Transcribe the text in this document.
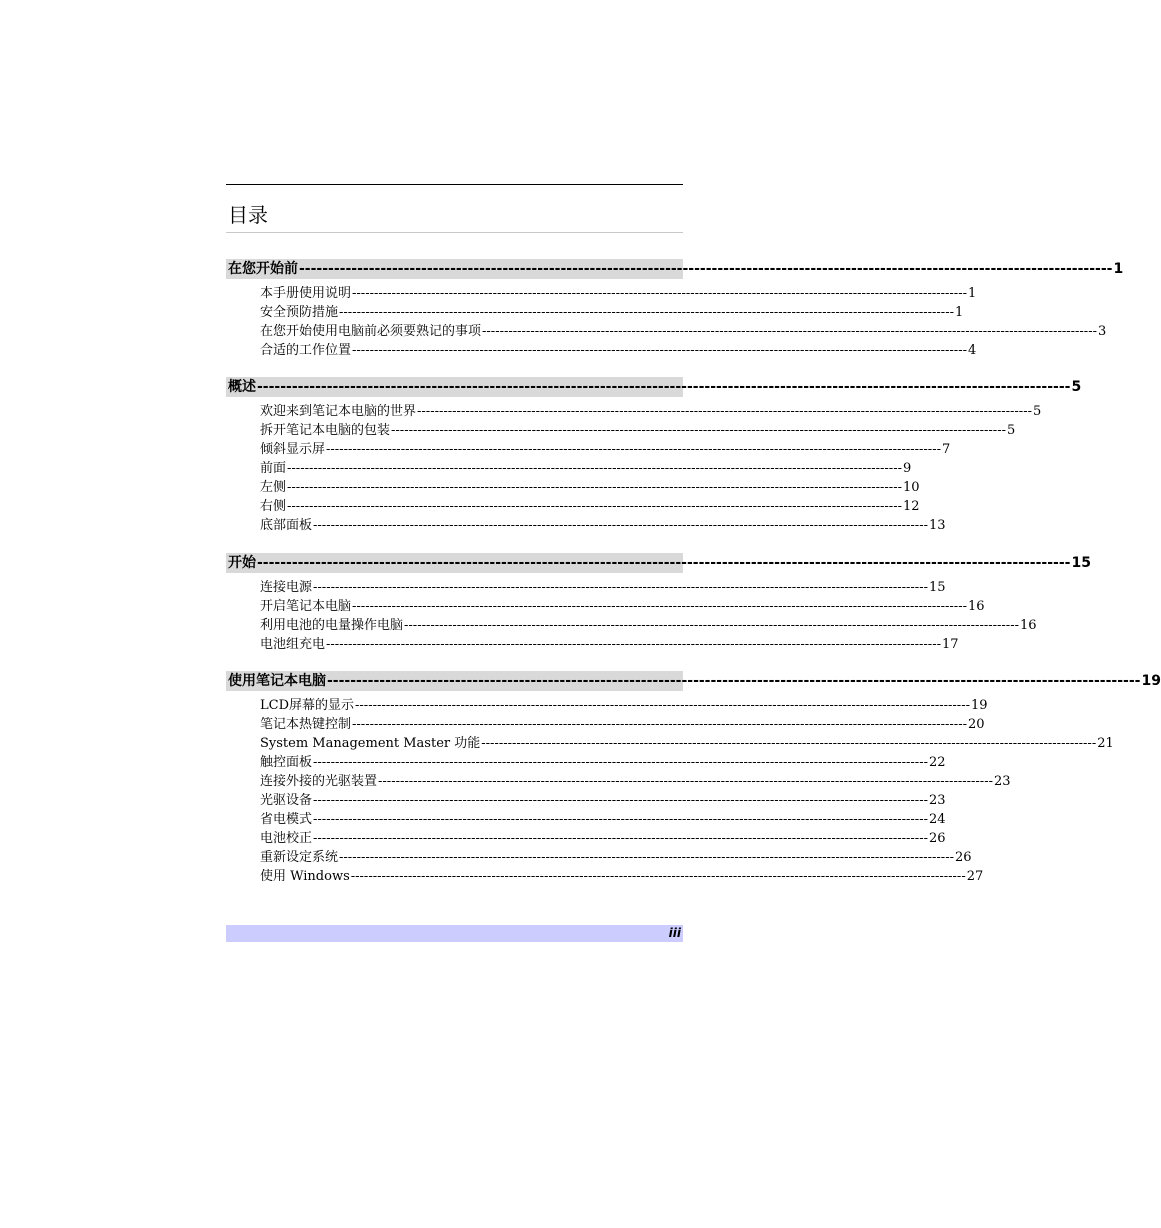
目录
在您开始前 -------------------------------------------------------------------------------------------------------------------------------------------- 1
本手册使用说明 -------------------------------------------------------------------------------------------------------------------------------------------- 1
安全预防措施 -------------------------------------------------------------------------------------------------------------------------------------------- 1
在您开始使用电脑前必须要熟记的事项 -------------------------------------------------------------------------------------------------------------------------------------------- 3
合适的工作位置 -------------------------------------------------------------------------------------------------------------------------------------------- 4
概述 -------------------------------------------------------------------------------------------------------------------------------------------- 5
欢迎来到笔记本电脑的世界 -------------------------------------------------------------------------------------------------------------------------------------------- 5
拆开笔记本电脑的包装 -------------------------------------------------------------------------------------------------------------------------------------------- 5
倾斜显示屏 -------------------------------------------------------------------------------------------------------------------------------------------- 7
前面 -------------------------------------------------------------------------------------------------------------------------------------------- 9
左侧 -------------------------------------------------------------------------------------------------------------------------------------------- 10
右侧 -------------------------------------------------------------------------------------------------------------------------------------------- 12
底部面板 -------------------------------------------------------------------------------------------------------------------------------------------- 13
开始 -------------------------------------------------------------------------------------------------------------------------------------------- 15
连接电源 -------------------------------------------------------------------------------------------------------------------------------------------- 15
开启笔记本电脑 -------------------------------------------------------------------------------------------------------------------------------------------- 16
利用电池的电量操作电脑 -------------------------------------------------------------------------------------------------------------------------------------------- 16
电池组充电 -------------------------------------------------------------------------------------------------------------------------------------------- 17
使用笔记本电脑 -------------------------------------------------------------------------------------------------------------------------------------------- 19
LCD屏幕的显示 -------------------------------------------------------------------------------------------------------------------------------------------- 19
笔记本热键控制 -------------------------------------------------------------------------------------------------------------------------------------------- 20
System Management Master 功能 -------------------------------------------------------------------------------------------------------------------------------------------- 21
触控面板 -------------------------------------------------------------------------------------------------------------------------------------------- 22
连接外接的光驱装置 -------------------------------------------------------------------------------------------------------------------------------------------- 23
光驱设备 -------------------------------------------------------------------------------------------------------------------------------------------- 23
省电模式 -------------------------------------------------------------------------------------------------------------------------------------------- 24
电池校正 -------------------------------------------------------------------------------------------------------------------------------------------- 26
重新设定系统 -------------------------------------------------------------------------------------------------------------------------------------------- 26
使用 Windows -------------------------------------------------------------------------------------------------------------------------------------------- 27
iii
